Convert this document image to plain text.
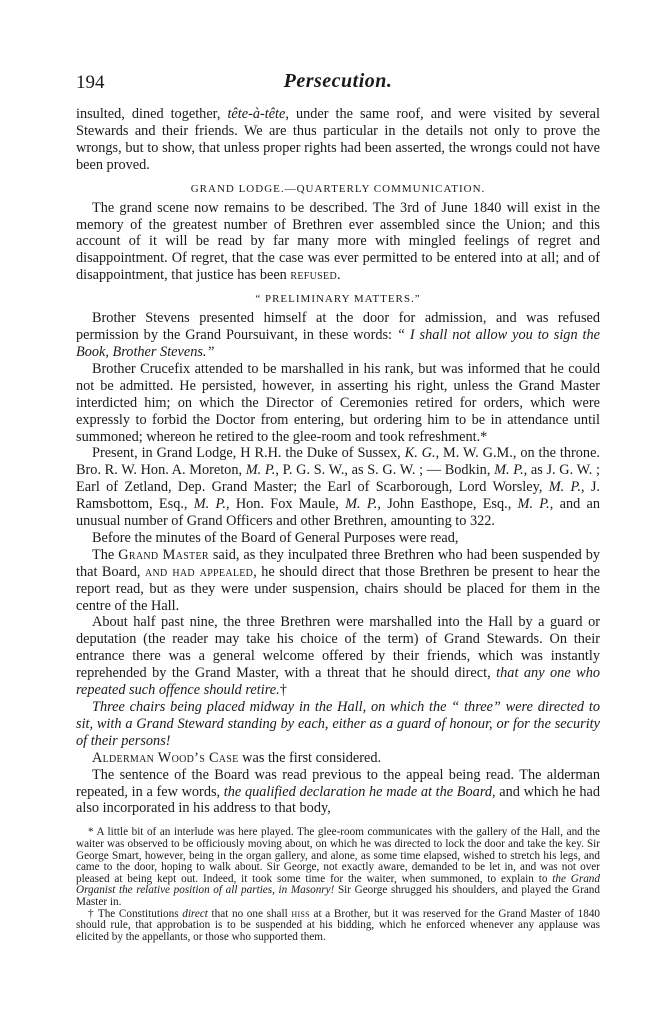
194	Persecution.

insulted, dined together, tête-à-tête, under the same roof, and were visited by several Stewards and their friends. We are thus particular in the details not only to prove the wrongs, but to show, that unless proper rights had been asserted, the wrongs could not have been proved.

GRAND LODGE.—QUARTERLY COMMUNICATION.

The grand scene now remains to be described. The 3rd of June 1840 will exist in the memory of the greatest number of Brethren ever assembled since the Union; and this account of it will be read by far many more with mingled feelings of regret and disappointment. Of regret, that the case was ever permitted to be entered into at all; and of disappointment, that justice has been refused.

“ PRELIMINARY MATTERS.”

Brother Stevens presented himself at the door for admission, and was refused permission by the Grand Poursuivant, in these words: “ I shall not allow you to sign the Book, Brother Stevens.”

Brother Crucefix attended to be marshalled in his rank, but was informed that he could not be admitted. He persisted, however, in asserting his right, unless the Grand Master interdicted him; on which the Director of Ceremonies retired for orders, which were expressly to forbid the Doctor from entering, but ordering him to be in attendance until summoned; whereon he retired to the glee-room and took refreshment.*

Present, in Grand Lodge, H R.H. the Duke of Sussex, K. G., M. W. G.M., on the throne. Bro. R. W. Hon. A. Moreton, M. P., P. G. S. W., as S. G. W. ; — Bodkin, M. P., as J. G. W. ; Earl of Zetland, Dep. Grand Master; the Earl of Scarborough, Lord Worsley, M. P., J. Ramsbottom, Esq., M. P., Hon. Fox Maule, M. P., John Easthope, Esq., M. P., and an unusual number of Grand Officers and other Brethren, amounting to 322.

Before the minutes of the Board of General Purposes were read,

The Grand Master said, as they inculpated three Brethren who had been suspended by that Board, and had appealed, he should direct that those Brethren be present to hear the report read, but as they were under suspension, chairs should be placed for them in the centre of the Hall.

About half past nine, the three Brethren were marshalled into the Hall by a guard or deputation (the reader may take his choice of the term) of Grand Stewards. On their entrance there was a general welcome offered by their friends, which was instantly reprehended by the Grand Master, with a threat that he should direct, that any one who repeated such offence should retire.†

Three chairs being placed midway in the Hall, on which the “ three” were directed to sit, with a Grand Steward standing by each, either as a guard of honour, or for the security of their persons!

Alderman Wood’s Case was the first considered.

The sentence of the Board was read previous to the appeal being read. The alderman repeated, in a few words, the qualified declaration he made at the Board, and which he had also incorporated in his address to that body,

* A little bit of an interlude was here played. The glee-room communicates with the gallery of the Hall, and the waiter was observed to be officiously moving about, on which he was directed to lock the door and take the key. Sir George Smart, however, being in the organ gallery, and alone, as some time elapsed, wished to stretch his legs, and came to the door, hoping to walk about. Sir George, not exactly aware, demanded to be let in, and was not over pleased at being kept out. Indeed, it took some time for the waiter, when summoned, to explain to the Grand Organist the relative position of all parties, in Masonry! Sir George shrugged his shoulders, and played the Grand Master in.

† The Constitutions direct that no one shall hiss at a Brother, but it was reserved for the Grand Master of 1840 should rule, that approbation is to be suspended at his bidding, which he enforced whenever any applause was elicited by the appellants, or those who supported them.
